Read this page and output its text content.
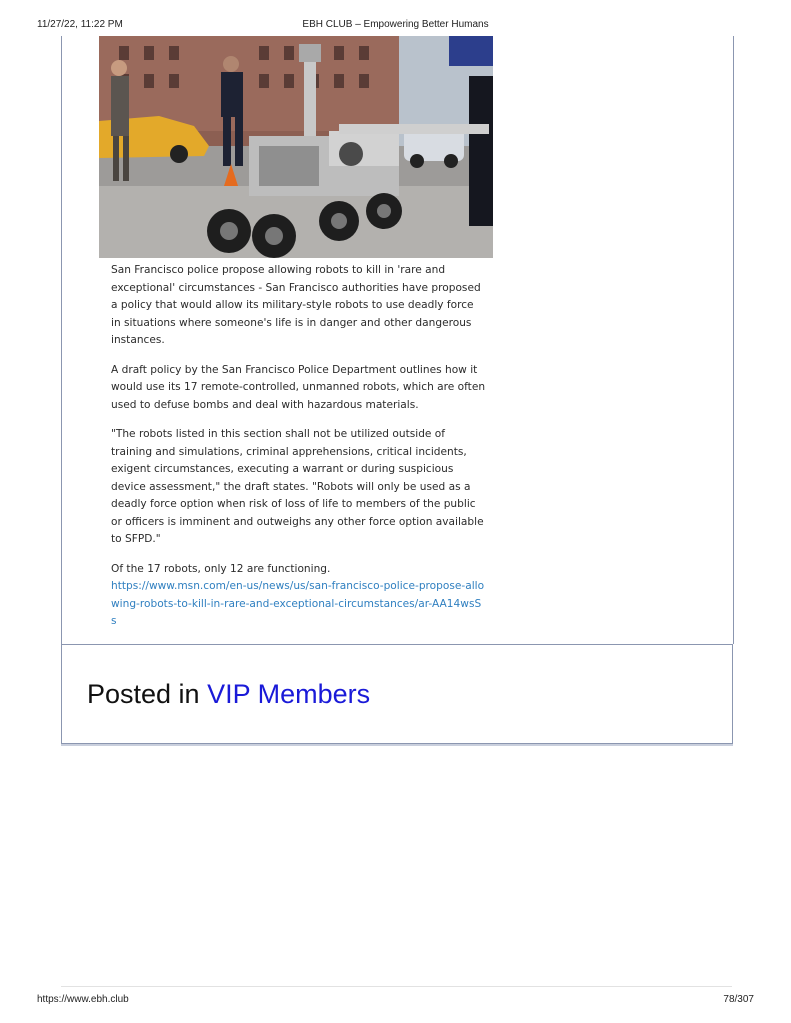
11/27/22, 11:22 PM	EBH CLUB – Empowering Better Humans

San Francisco police propose allowing robots to kill in 'rare and exceptional' circumstances - San Francisco authorities have proposed a policy that would allow its military-style robots to use deadly force in situations where someone's life is in danger and other dangerous instances.

A draft policy by the San Francisco Police Department outlines how it would use its 17 remote-controlled, unmanned robots, which are often used to defuse bombs and deal with hazardous materials.

"The robots listed in this section shall not be utilized outside of training and simulations, criminal apprehensions, critical incidents, exigent circumstances, executing a warrant or during suspicious device assessment," the draft states. "Robots will only be used as a deadly force option when risk of loss of life to members of the public or officers is imminent and outweighs any other force option available to SFPD."

Of the 17 robots, only 12 are functioning.
https://www.msn.com/en-us/news/us/san-francisco-police-propose-allowing-robots-to-kill-in-rare-and-exceptional-circumstances/ar-AA14wsSs

Posted in VIP Members
https://www.ebh.club	78/307
